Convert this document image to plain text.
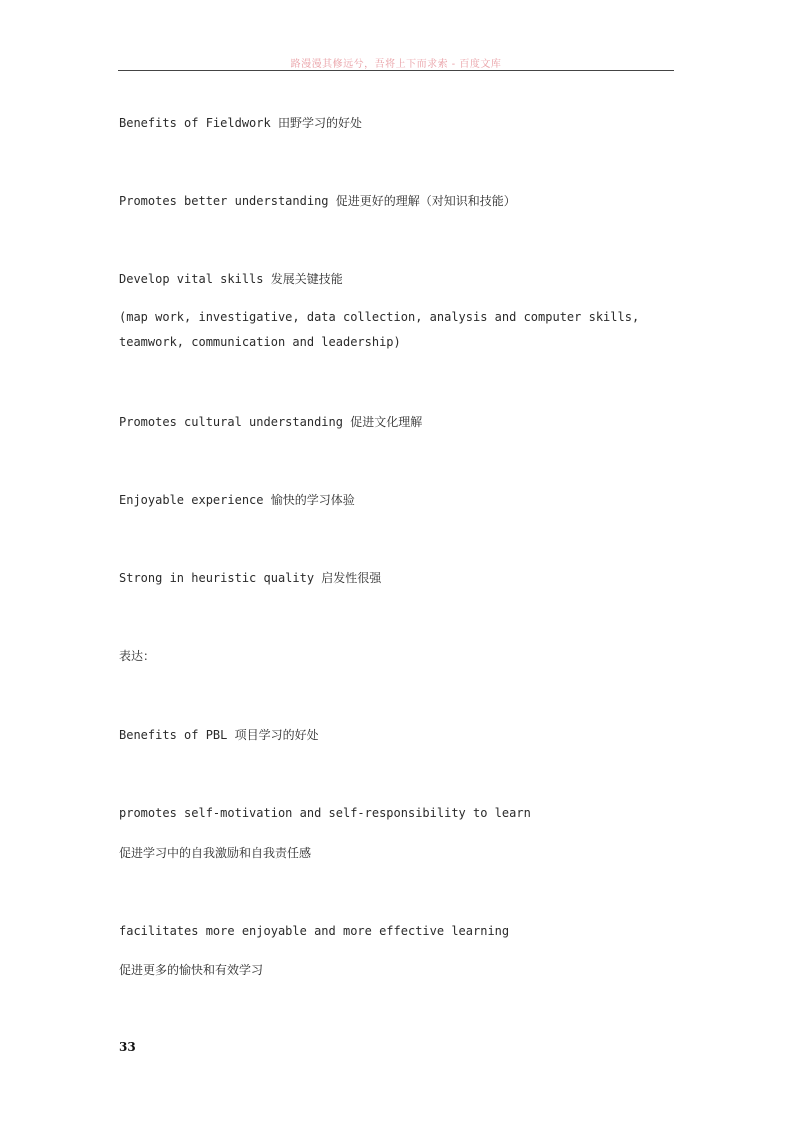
路漫漫其修远兮，吾将上下而求索 - 百度文库
Benefits of Fieldwork 田野学习的好处
Promotes better understanding 促进更好的理解（对知识和技能）
Develop vital skills 发展关键技能
(map work, investigative, data collection, analysis and computer skills, teamwork, communication and leadership)
Promotes cultural understanding 促进文化理解
Enjoyable experience 愉快的学习体验
Strong in heuristic quality 启发性很强
表达：
Benefits of PBL 项目学习的好处
promotes self-motivation and self-responsibility to learn
促进学习中的自我激励和自我责任感
facilitates more enjoyable and more effective learning
促进更多的愉快和有效学习
33
